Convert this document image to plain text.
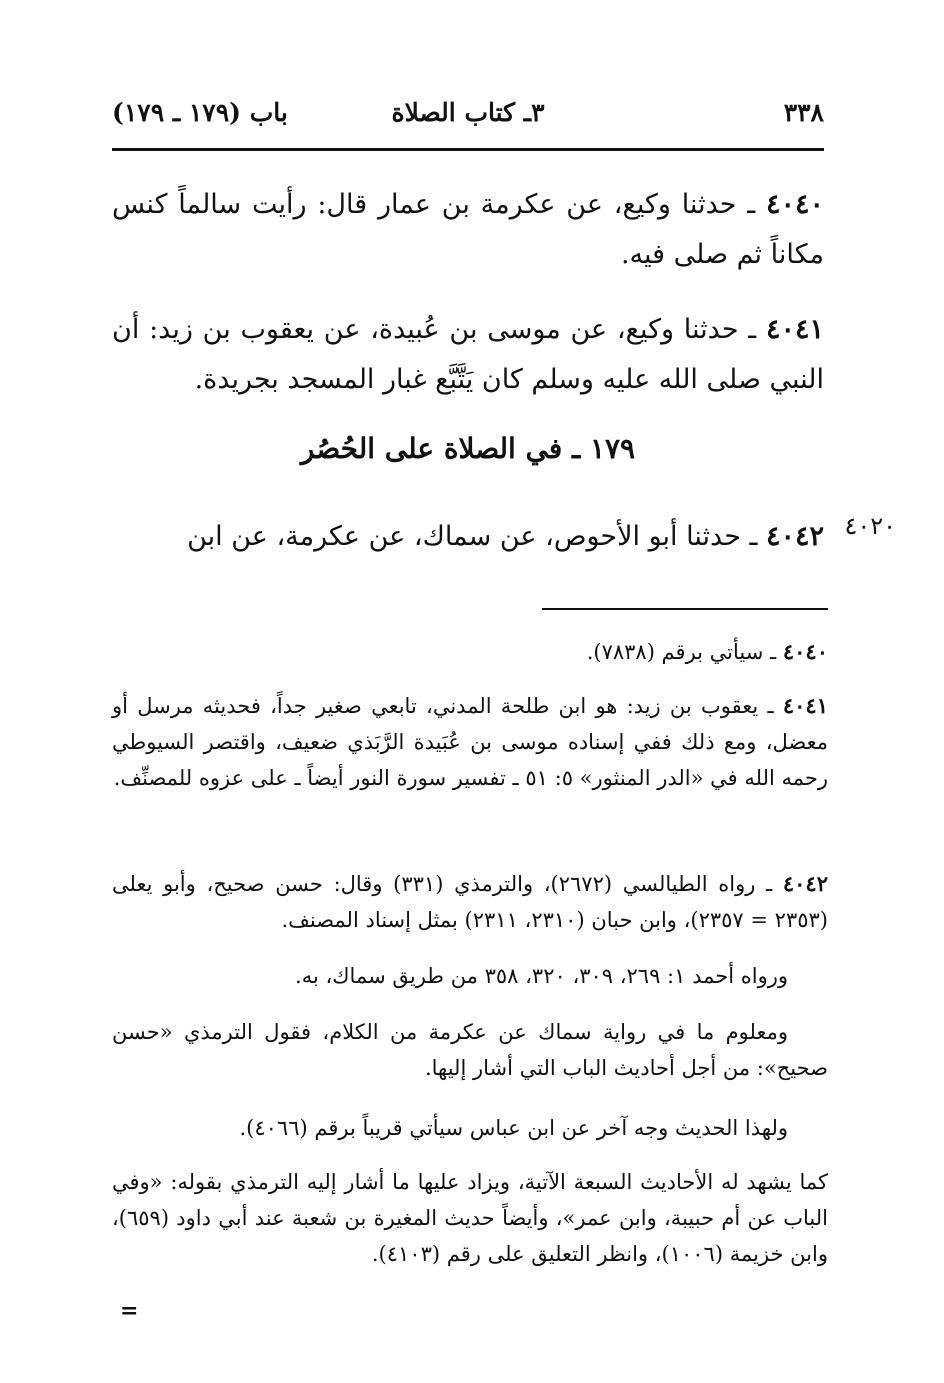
٣٣٨
٣ـ كتاب الصلاة
باب (١٧٩ ـ ١٧٩)

٤٠٤٠ ـ حدثنا وكيع، عن عكرمة بن عمار قال: رأيت سالماً كنس مكاناً ثم صلى فيه.

٤٠٤١ ـ حدثنا وكيع، عن موسى بن عُبيدة، عن يعقوب بن زيد: أن النبي صلى الله عليه وسلم كان يَتَّبَّع غبار المسجد بجريدة.

١٧٩ ـ في الصلاة على الحُصُر
٤٠٢٠

٤٠٤٢ ـ حدثنا أبو الأحوص، عن سماك، عن عكرمة، عن ابن

٤٠٤٠ ـ سيأتي برقم (٧٨٣٨).

٤٠٤١ ـ يعقوب بن زيد: هو ابن طلحة المدني، تابعي صغير جداً، فحديثه مرسل أو معضل، ومع ذلك ففي إسناده موسى بن عُبَيدة الرَّبَذي ضعيف، واقتصر السيوطي رحمه الله في «الدر المنثور» ٥: ٥١ ـ تفسير سورة النور أيضاً ـ على عزوه للمصنِّف.

٤٠٤٢ ـ رواه الطيالسي (٢٦٧٢)، والترمذي (٣٣١) وقال: حسن صحيح، وأبو يعلى (٢٣٥٣ = ٢٣٥٧)، وابن حبان (٢٣١٠، ٢٣١١) بمثل إسناد المصنف.

ورواه أحمد ١: ٢٦٩، ٣٠٩، ٣٢٠، ٣٥٨ من طريق سماك، به.

ومعلوم ما في رواية سماك عن عكرمة من الكلام، فقول الترمذي «حسن صحيح»: من أجل أحاديث الباب التي أشار إليها.

ولهذا الحديث وجه آخر عن ابن عباس سيأتي قريباً برقم (٤٠٦٦).

كما يشهد له الأحاديث السبعة الآتية، ويزاد عليها ما أشار إليه الترمذي بقوله: «وفي الباب عن أم حبيبة، وابن عمر»، وأيضاً حديث المغيرة بن شعبة عند أبي داود (٦٥٩)، وابن خزيمة (١٠٠٦)، وانظر التعليق على رقم (٤١٠٣).

=
